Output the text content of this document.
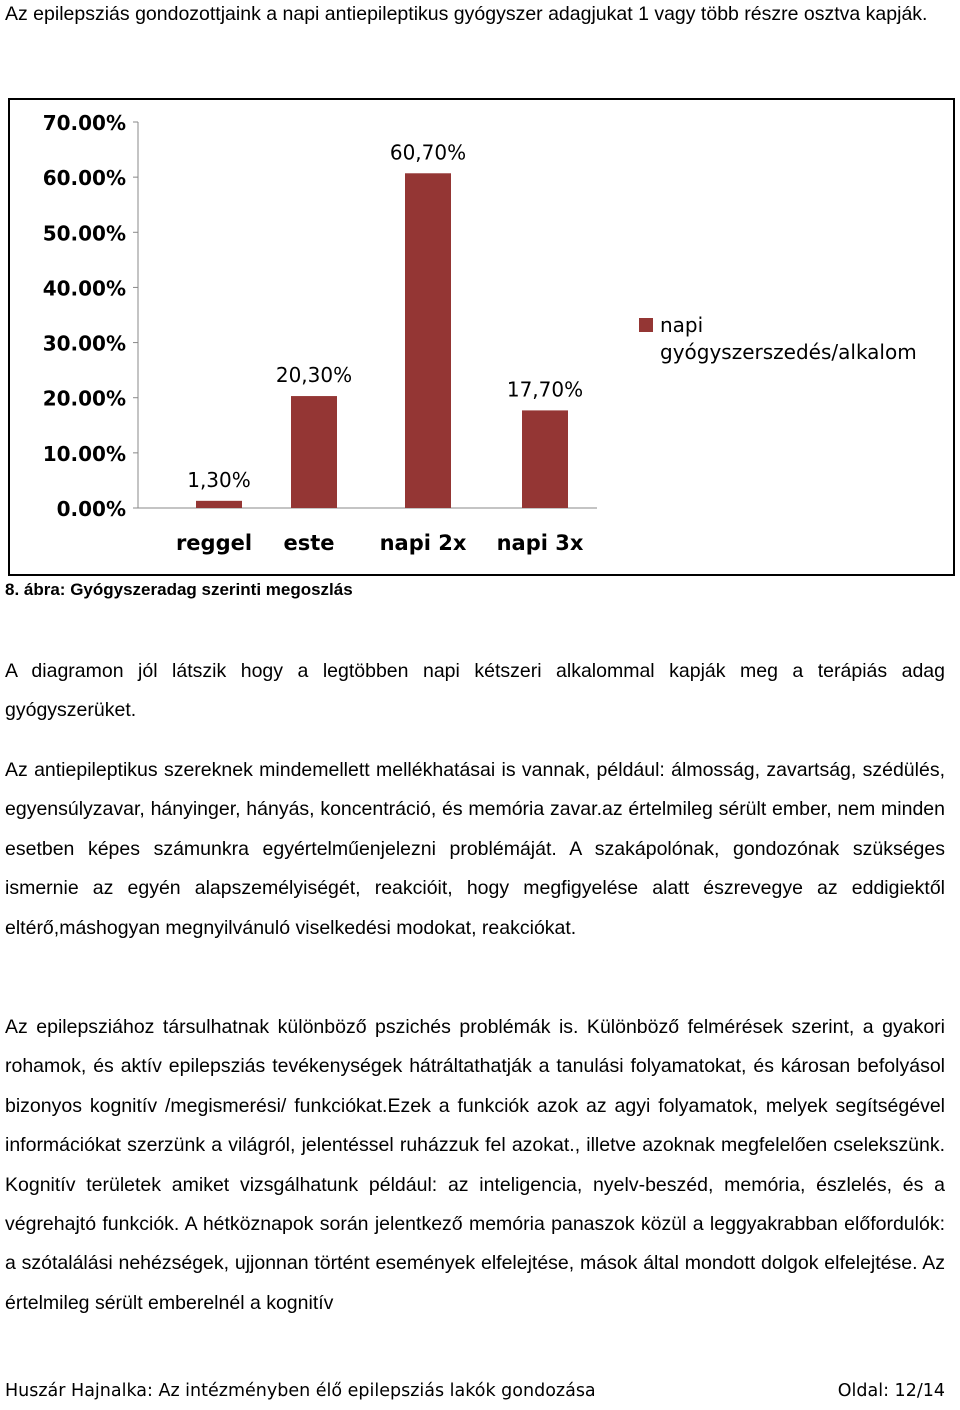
Az epilepsziás gondozottjaink a napi antiepileptikus gyógyszer adagjukat 1 vagy több részre osztva kapják.

0.00%
10.00%
20.00%
30.00%
40.00%
50.00%
60.00%
70.00%
1,30%
reggel
20,30%
este
60,70%
napi 2x
17,70%
napi 3x
napi
gyógyszerszedés/alkalom
8. ábra: Gyógyszeradag szerinti megoszlás

A diagramon jól látszik hogy a legtöbben napi kétszeri alkalommal kapják meg a terápiás adag gyógyszerüket.

Az antiepileptikus szereknek mindemellett mellékhatásai is vannak, például: álmosság, zavartság, szédülés, egyensúlyzavar, hányinger, hányás, koncentráció, és memória zavar.az értelmileg sérült ember, nem minden esetben képes számunkra egyértelműenjelezni problémáját. A szakápolónak, gondozónak szükséges ismernie az egyén alapszemélyiségét, reakcióit, hogy megfigyelése alatt észrevegye az eddigiektől eltérő,máshogyan megnyilvánuló viselkedési modokat, reakciókat.

Az epilepsziához társulhatnak különböző pszichés problémák is. Különböző felmérések szerint, a gyakori rohamok, és aktív epilepsziás tevékenységek hátráltathatják a tanulási folyamatokat, és károsan befolyásol bizonyos kognitív /megismerési/ funkciókat.Ezek a funkciók azok az agyi folyamatok, melyek segítségével információkat szerzünk a világról, jelentéssel ruházzuk fel azokat., illetve azoknak megfelelően cselekszünk. Kognitív területek amiket vizsgálhatunk például: az inteligencia, nyelv-beszéd, memória, észlelés, és a végrehajtó funkciók. A hétköznapok során jelentkező memória panaszok közül a leggyakrabban előfordulók: a szótalálási nehézségek, ujjonnan történt események elfelejtése, mások által mondott dolgok elfelejtése. Az értelmileg sérült emberelnél a kognitív

Huszár Hajnalka: Az intézményben élő epilepsziás lakók gondozása	Oldal: 12/14
